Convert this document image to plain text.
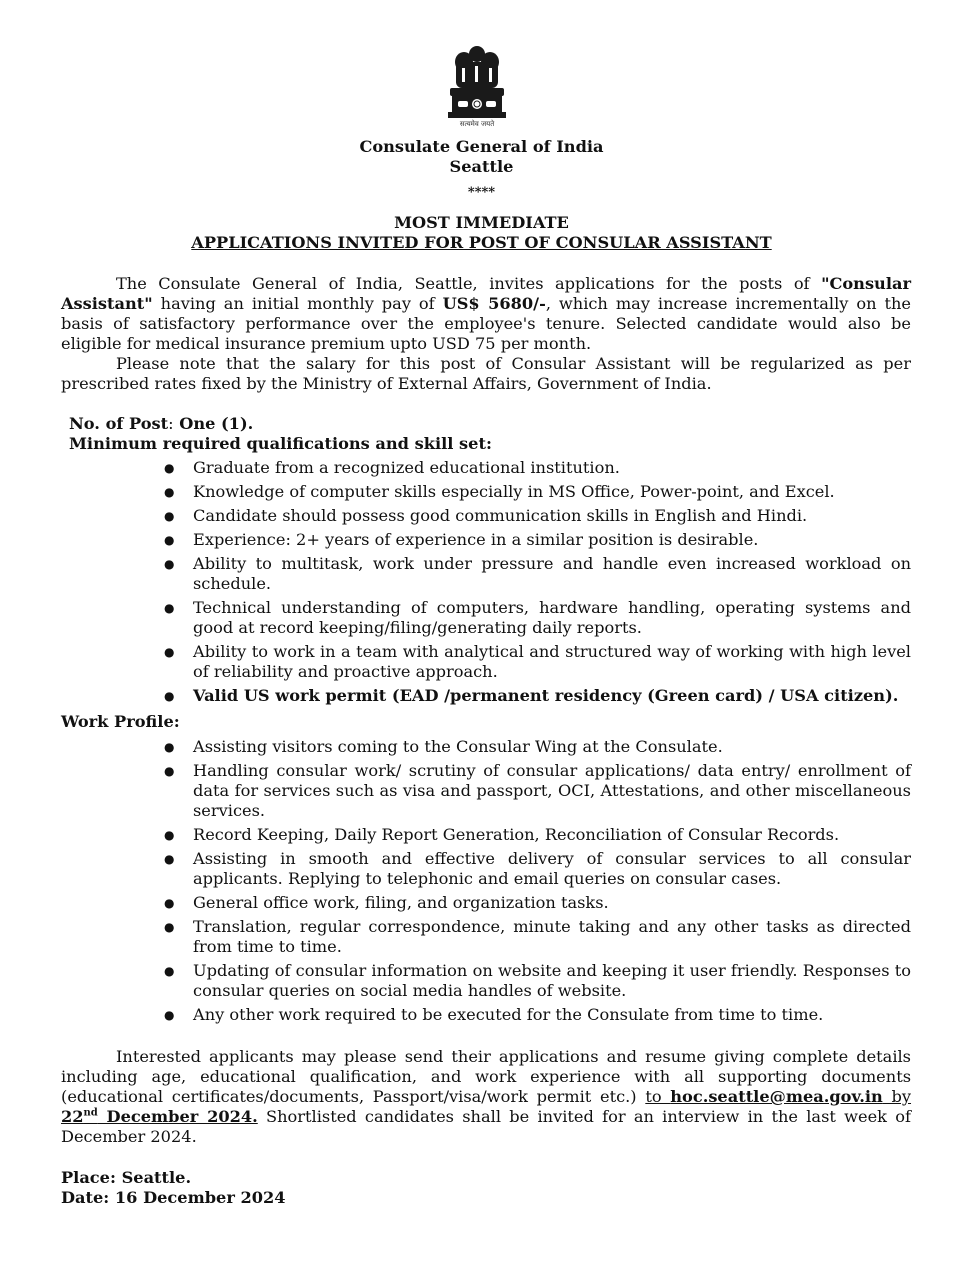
सत्यमेव जयते
Consulate General of India
Seattle
****
MOST IMMEDIATE
APPLICATIONS INVITED FOR POST OF CONSULAR ASSISTANT

The Consulate General of India, Seattle, invites applications for the posts of "Consular Assistant" having an initial monthly pay of US$ 5680/-, which may increase incrementally on the basis of satisfactory performance over the employee's tenure. Selected candidate would also be eligible for medical insurance premium upto USD 75 per month.

Please note that the salary for this post of Consular Assistant will be regularized as per prescribed rates fixed by the Ministry of External Affairs, Government of India.

No. of Post: One (1).
Minimum required qualifications and skill set:
● Graduate from a recognized educational institution.
● Knowledge of computer skills especially in MS Office, Power-point, and Excel.
● Candidate should possess good communication skills in English and Hindi.
● Experience: 2+ years of experience in a similar position is desirable.
● Ability to multitask, work under pressure and handle even increased workload on schedule.
● Technical understanding of computers, hardware handling, operating systems and good at record keeping/filing/generating daily reports.
● Ability to work in a team with analytical and structured way of working with high level of reliability and proactive approach.
● Valid US work permit (EAD /permanent residency (Green card) / USA citizen).
Work Profile:
● Assisting visitors coming to the Consular Wing at the Consulate.
● Handling consular work/ scrutiny of consular applications/ data entry/ enrollment of data for services such as visa and passport, OCI, Attestations, and other miscellaneous services.
● Record Keeping, Daily Report Generation, Reconciliation of Consular Records.
● Assisting in smooth and effective delivery of consular services to all consular applicants. Replying to telephonic and email queries on consular cases.
● General office work, filing, and organization tasks.
● Translation, regular correspondence, minute taking and any other tasks as directed from time to time.
● Updating of consular information on website and keeping it user friendly. Responses to consular queries on social media handles of website.
● Any other work required to be executed for the Consulate from time to time.

Interested applicants may please send their applications and resume giving complete details including age, educational qualification, and work experience with all supporting documents (educational certificates/documents, Passport/visa/work permit etc.) to hoc.seattle@mea.gov.in by 22nd December 2024. Shortlisted candidates shall be invited for an interview in the last week of December 2024.

Place: Seattle.
Date: 16 December 2024
